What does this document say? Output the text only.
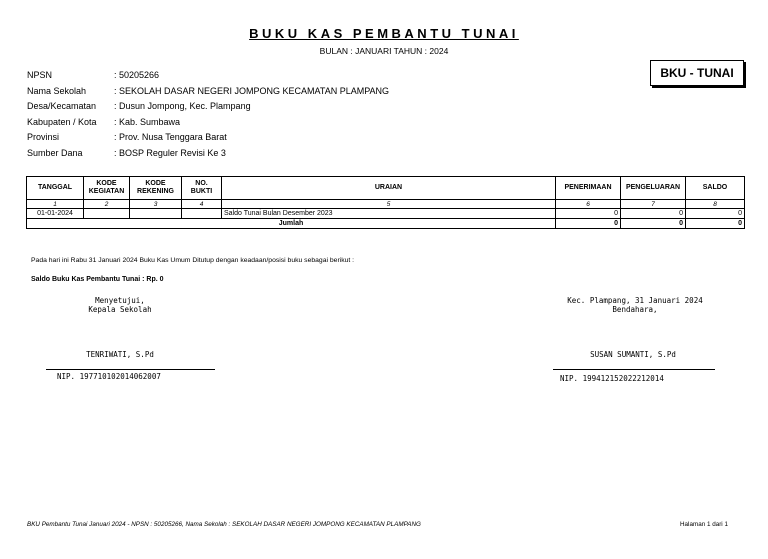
BUKU KAS PEMBANTU TUNAI
BULAN : JANUARI TAHUN : 2024
BKU - TUNAI
NPSN	: 50205266
Nama Sekolah	: SEKOLAH DASAR NEGERI JOMPONG KECAMATAN PLAMPANG
Desa/Kecamatan	: Dusun Jompong, Kec. Plampang
Kabupaten / Kota	: Kab. Sumbawa
Provinsi	: Prov. Nusa Tenggara Barat
Sumber Dana	: BOSP Reguler Revisi Ke 3
TANGGAL	KODE KEGIATAN	KODE REKENING	NO. BUKTI	URAIAN	PENERIMAAN	PENGELUARAN	SALDO
1	2	3	4	5	6	7	8
01-01-2024				Saldo Tunai Bulan Desember 2023	0	0	0
Jumlah					0	0	0
Pada hari ini Rabu 31 Januari 2024 Buku Kas Umum Ditutup dengan keadaan/posisi buku sebagai berikut :
Saldo Buku Kas Pembantu Tunai : Rp. 0
Menyetujui,
Kepala Sekolah
TENRIWATI, S.Pd
NIP. 197710102014062007
Kec. Plampang, 31 Januari 2024
Bendahara,
SUSAN SUMANTI, S.Pd
NIP. 199412152022212014
BKU Pembantu Tunai Januari 2024 - NPSN : 50205266, Nama Sekolah : SEKOLAH DASAR NEGERI JOMPONG KECAMATAN PLAMPANG	Halaman 1 dari 1
